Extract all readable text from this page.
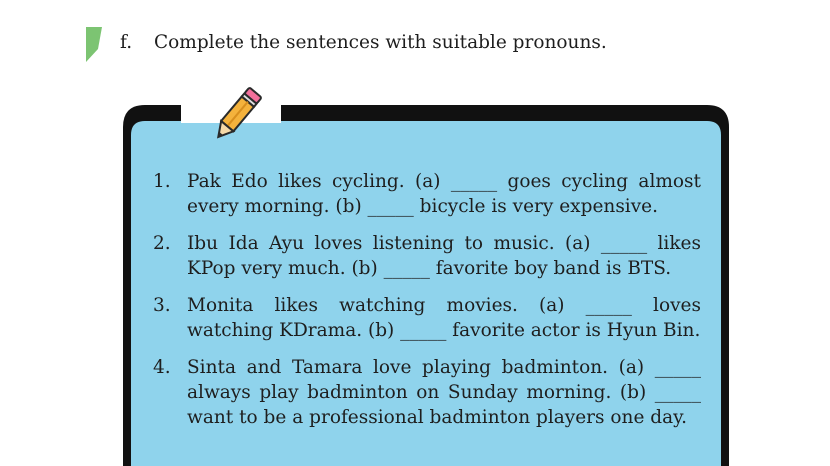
f. Complete the sentences with suitable pronouns.
1. Pak Edo likes cycling. (a) _____ goes cycling almost every morning. (b) _____ bicycle is very expensive.
2. Ibu Ida Ayu loves listening to music. (a) _____ likes KPop very much. (b) _____ favorite boy band is BTS.
3. Monita likes watching movies. (a) _____ loves watching KDrama. (b) _____ favorite actor is Hyun Bin.
4. Sinta and Tamara love playing badminton. (a) _____ always play badminton on Sunday morning. (b) _____ want to be a professional badminton players one day.
